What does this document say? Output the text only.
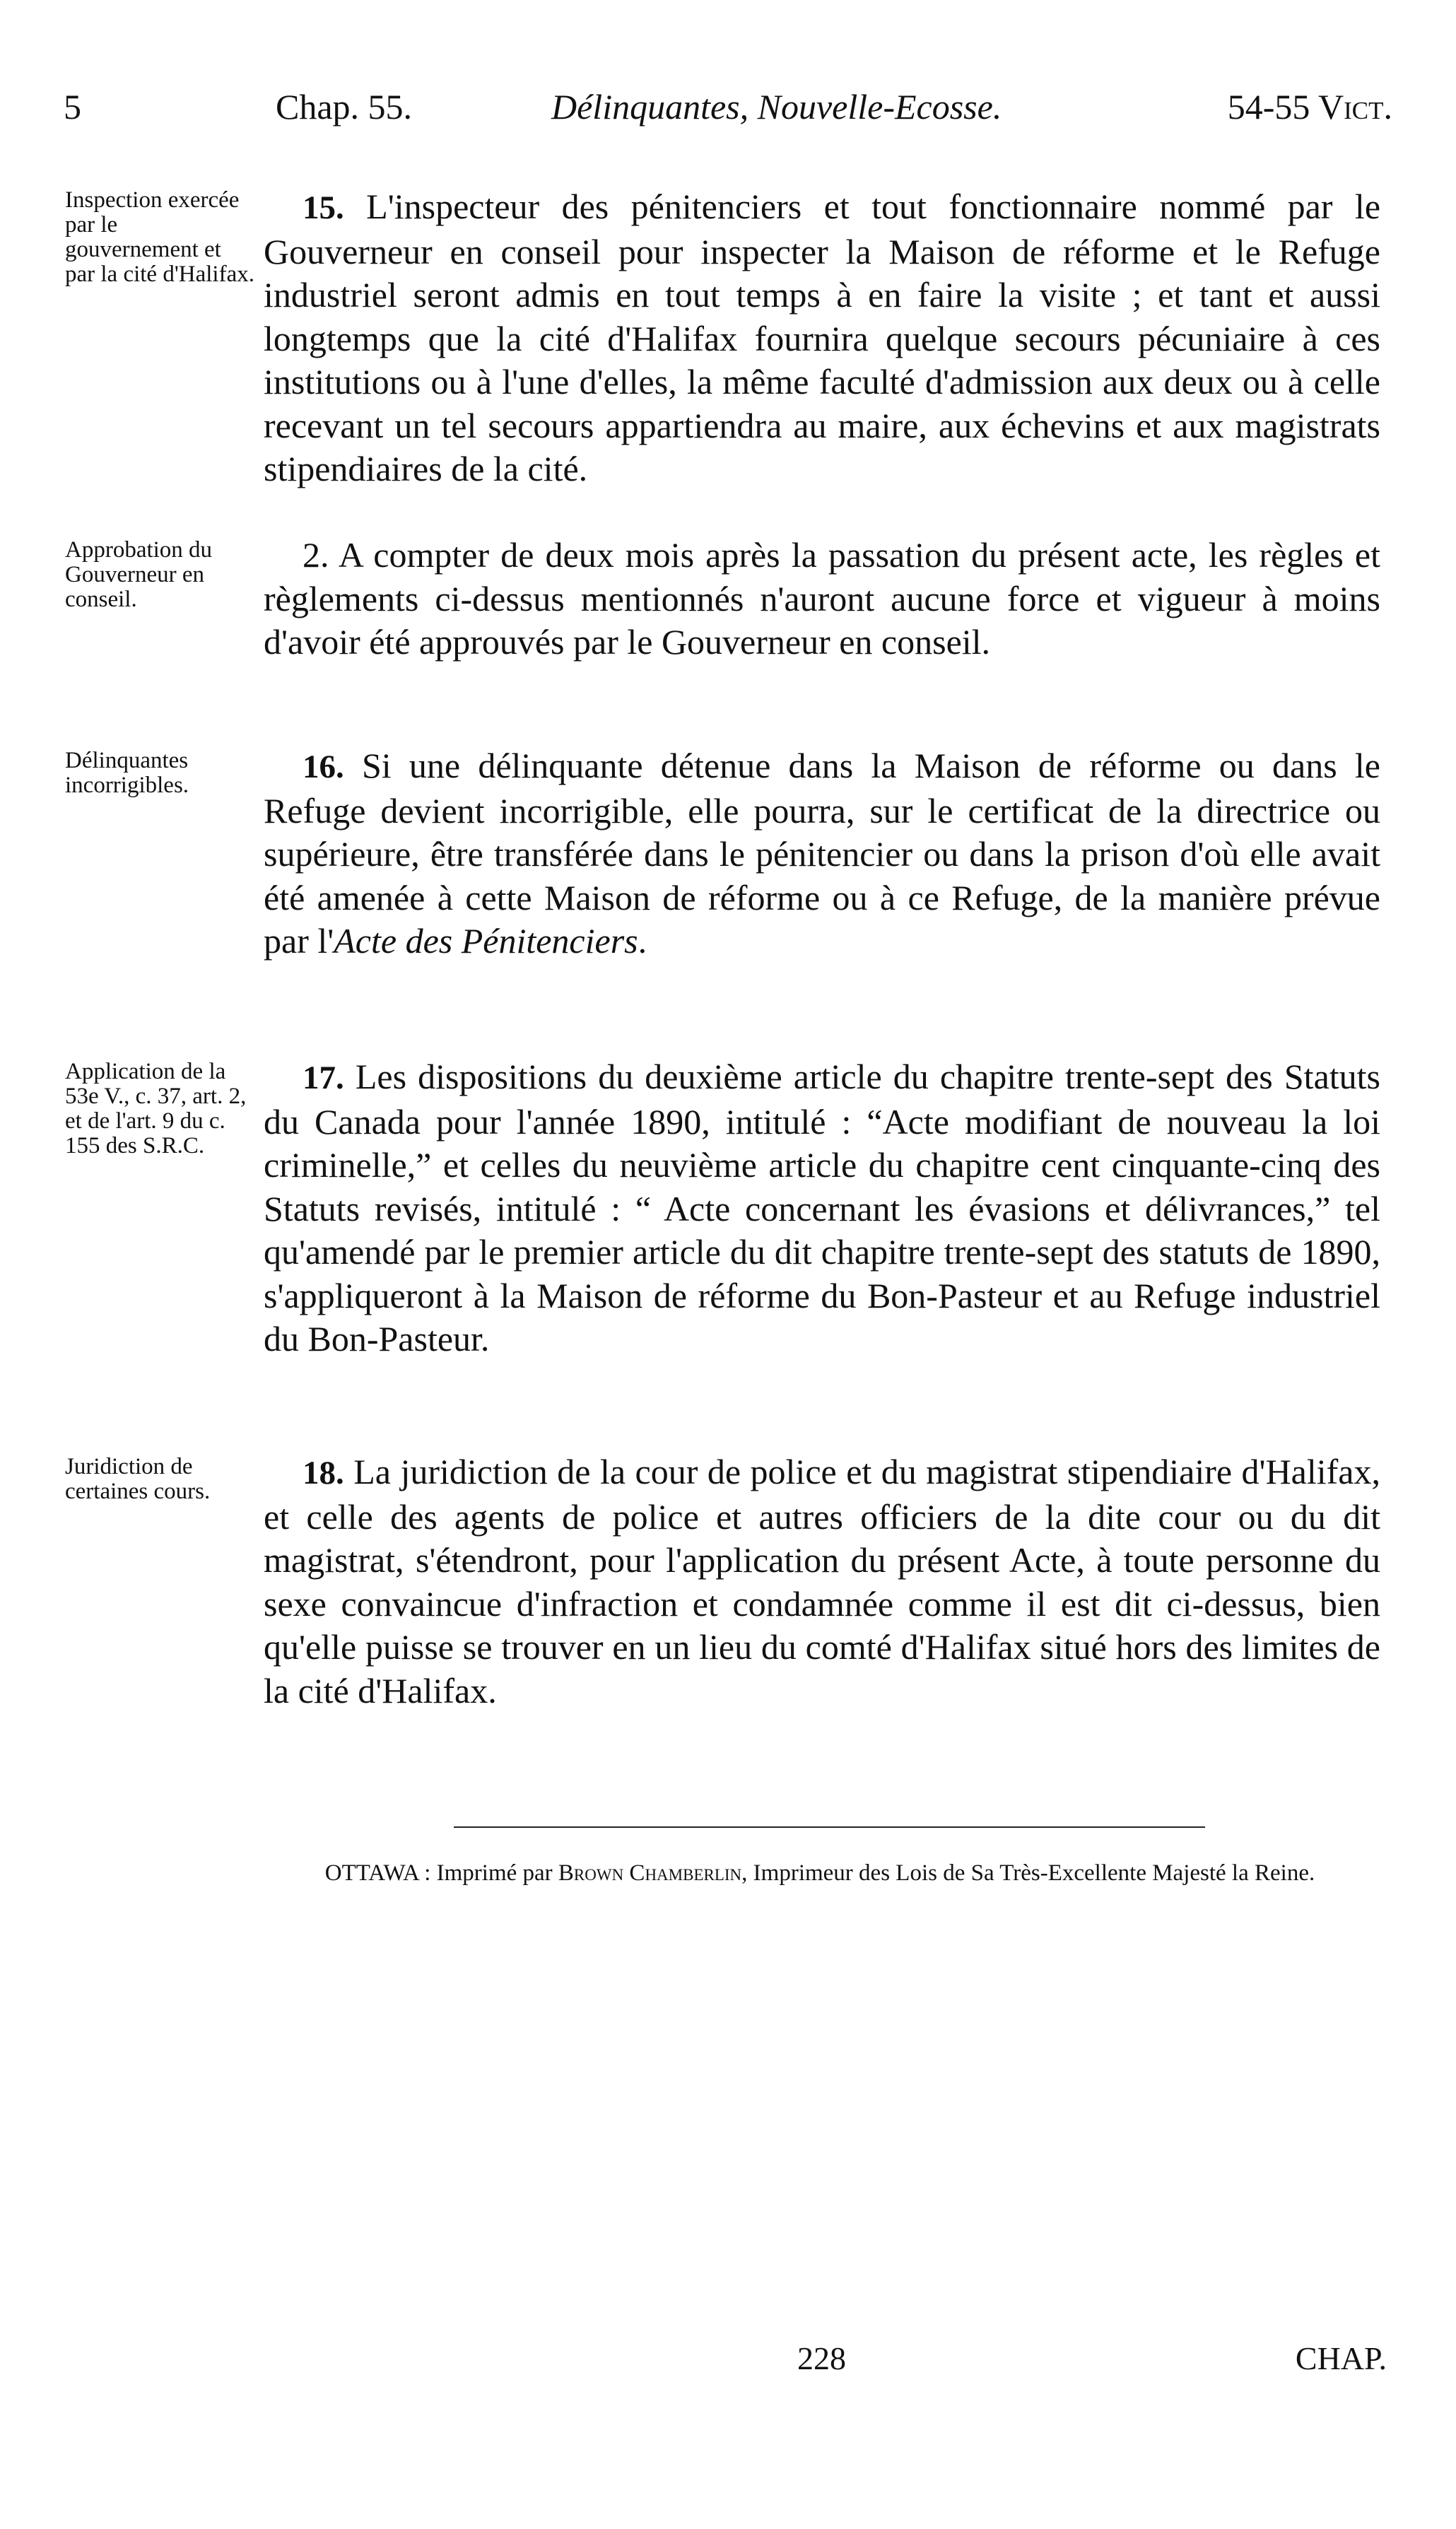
5	Chap. 55.	Délinquantes, Nouvelle-Ecosse.	54-55 Vict.
Inspection exercée par le gouvernement et par la cité d'Halifax.
15. L'inspecteur des pénitenciers et tout fonctionnaire nommé par le Gouverneur en conseil pour inspecter la Maison de réforme et le Refuge industriel seront admis en tout temps à en faire la visite ; et tant et aussi longtemps que la cité d'Halifax fournira quelque secours pécuniaire à ces institutions ou à l'une d'elles, la même faculté d'admission aux deux ou à celle recevant un tel secours appartiendra au maire, aux échevins et aux magistrats stipendiaires de la cité.
Approbation du Gouverneur en conseil.
2. A compter de deux mois après la passation du présent acte, les règles et règlements ci-dessus mentionnés n'auront aucune force et vigueur à moins d'avoir été approuvés par le Gouverneur en conseil.
Délinquantes incorrigibles.	16. Si une délinquante détenue dans la Maison de réforme ou dans le Refuge devient incorrigible, elle pourra, sur le certificat de la directrice ou supérieure, être transférée dans le pénitencier ou dans la prison d'où elle avait été amenée à cette Maison de réforme ou à ce Refuge, de la manière prévue par l'Acte des Pénitenciers.
Application de la 53e V., c. 37, art. 2, et de l'art. 9 du c. 155 des S.R.C.
17. Les dispositions du deuxième article du chapitre trente-sept des Statuts du Canada pour l'année 1890, intitulé : “Acte modifiant de nouveau la loi criminelle,” et celles du neuvième article du chapitre cent cinquante-cinq des Statuts revisés, intitulé : “ Acte concernant les évasions et délivrances,” tel qu'amendé par le premier article du dit chapitre trente-sept des statuts de 1890, s'appliqueront à la Maison de réforme du Bon-Pasteur et au Refuge industriel du Bon-Pasteur.
Juridiction de certaines cours.	18. La juridiction de la cour de police et du magistrat stipendiaire d'Halifax, et celle des agents de police et autres officiers de la dite cour ou du dit magistrat, s'étendront, pour l'application du présent Acte, à toute personne du sexe convaincue d'infraction et condamnée comme il est dit ci-dessus, bien qu'elle puisse se trouver en un lieu du comté d'Halifax situé hors des limites de la cité d'Halifax.
OTTAWA : Imprimé par Brown Chamberlin, Imprimeur des Lois de Sa Très-Excellente Majesté la Reine.
228	CHAP.
